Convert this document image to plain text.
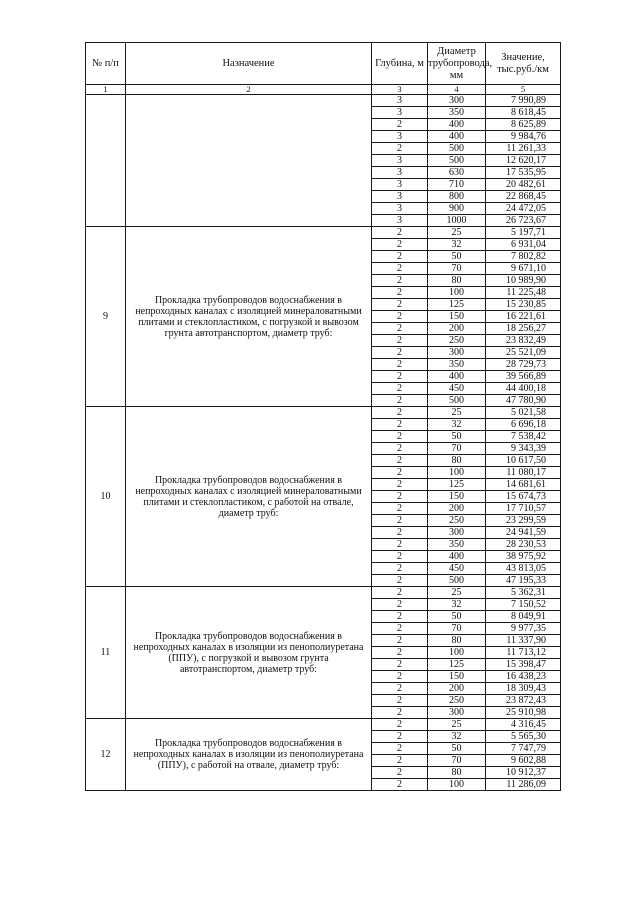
№ п/п	Назначение	Глубина, м	Диаметр трубопровода, мм	Значение, тыс.руб./км
1	2	3	4	5
		3	300	7 990,89
		3	350	8 618,45
		2	400	8 625,89
		3	400	9 984,76
		2	500	11 261,33
		3	500	12 620,17
		3	630	17 535,95
		3	710	20 482,61
		3	800	22 868,45
		3	900	24 472,05
		3	1000	26 723,67
9	Прокладка трубопроводов водоснабжения в непроходных каналах с изоляцией минераловатными плитами и стеклопластиком, с погрузкой и вывозом грунта автотранспортом, диаметр труб:	2	25	5 197,71
		2	32	6 931,04
		2	50	7 802,82
		2	70	9 671,10
		2	80	10 989,90
		2	100	11 225,48
		2	125	15 230,85
		2	150	16 221,61
		2	200	18 256,27
		2	250	23 832,49
		2	300	25 521,09
		2	350	28 729,73
		2	400	39 566,89
		2	450	44 400,18
		2	500	47 780,90
10	Прокладка трубопроводов водоснабжения в непроходных каналах с изоляцией минераловатными плитами и стеклопластиком, с работой на отвале, диаметр труб:	2	25	5 021,58
		2	32	6 696,18
		2	50	7 538,42
		2	70	9 343,39
		2	80	10 617,50
		2	100	11 080,17
		2	125	14 681,61
		2	150	15 674,73
		2	200	17 710,57
		2	250	23 299,59
		2	300	24 941,59
		2	350	28 230,53
		2	400	38 975,92
		2	450	43 813,05
		2	500	47 195,33
11	Прокладка трубопроводов водоснабжения в непроходных каналах в изоляции из пенополиуретана (ППУ), с погрузкой и вывозом грунта автотранспортом, диаметр труб:	2	25	5 362,31
		2	32	7 150,52
		2	50	8 049,91
		2	70	9 977,35
		2	80	11 337,90
		2	100	11 713,12
		2	125	15 398,47
		2	150	16 438,23
		2	200	18 309,43
		2	250	23 872,43
		2	300	25 910,98
12	Прокладка трубопроводов водоснабжения в непроходных каналах в изоляции из пенополиуретана (ППУ), с работой на отвале, диаметр труб:	2	25	4 316,45
		2	32	5 565,30
		2	50	7 747,79
		2	70	9 602,88
		2	80	10 912,37
		2	100	11 286,09
